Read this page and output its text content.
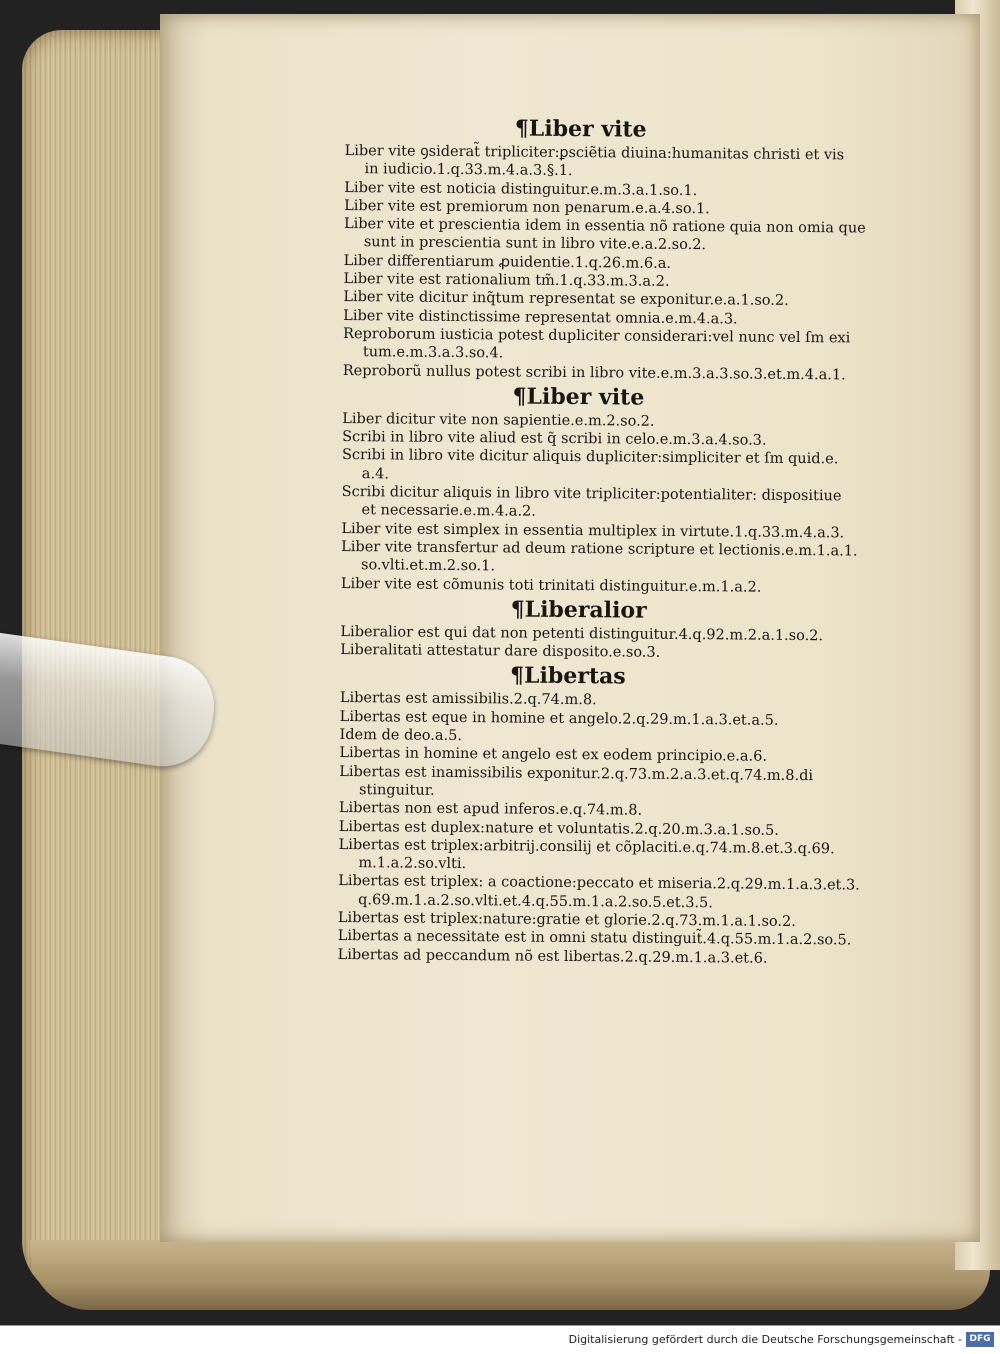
¶Liber vite
Liber vite ꝯsiderat̃ tripliciter:ꝑsciẽtia diuina:humanitas christi et vis
in iudicio.1.q.33.m.4.a.3.§.1.
Liber vite est noticia distinguitur.e.m.3.a.1.so.1.
Liber vite est premiorum non penarum.e.a.4.so.1.
Liber vite et prescientia idem in essentia nõ ratione quia non omia que
sunt in prescientia sunt in libro vite.e.a.2.so.2.
Liber differentiarum ꝓuidentie.1.q.26.m.6.a.
Liber vite est rationalium tm̃.1.q.33.m.3.a.2.
Liber vite dicitur inq̃tum representat se exponitur.e.a.1.so.2.
Liber vite distinctissime representat omnia.e.m.4.a.3.
Reproborum iusticia potest dupliciter considerari:vel nunc vel ſm exi
tum.e.m.3.a.3.so.4.
Reproborũ nullus potest scribi in libro vite.e.m.3.a.3.so.3.et.m.4.a.1.
¶Liber vite
Liber dicitur vite non sapientie.e.m.2.so.2.
Scribi in libro vite aliud est q̃ scribi in celo.e.m.3.a.4.so.3.
Scribi in libro vite dicitur aliquis dupliciter:simpliciter et ſm quid.e.
a.4.
Scribi dicitur aliquis in libro vite tripliciter:potentialiter: dispositiue
et necessarie.e.m.4.a.2.
Liber vite est simplex in essentia multiplex in virtute.1.q.33.m.4.a.3.
Liber vite transfertur ad deum ratione scripture et lectionis.e.m.1.a.1.
so.vlti.et.m.2.so.1.
Liber vite est cõmunis toti trinitati distinguitur.e.m.1.a.2.
¶Liberalior
Liberalior est qui dat non petenti distinguitur.4.q.92.m.2.a.1.so.2.
Liberalitati attestatur dare disposito.e.so.3.
¶Libertas
Libertas est amissibilis.2.q.74.m.8.
Libertas est eque in homine et angelo.2.q.29.m.1.a.3.et.a.5.
Idem de deo.a.5.
Libertas in homine et angelo est ex eodem principio.e.a.6.
Libertas est inamissibilis exponitur.2.q.73.m.2.a.3.et.q.74.m.8.di
stinguitur.
Libertas non est apud inferos.e.q.74.m.8.
Libertas est duplex:nature et voluntatis.2.q.20.m.3.a.1.so.5.
Libertas est triplex:arbitrij.consilij et cõplaciti.e.q.74.m.8.et.3.q.69.
m.1.a.2.so.vlti.
Libertas est triplex: a coactione:peccato et miseria.2.q.29.m.1.a.3.et.3.
q.69.m.1.a.2.so.vlti.et.4.q.55.m.1.a.2.so.5.et.3.5.
Libertas est triplex:nature:gratie et glorie.2.q.73.m.1.a.1.so.2.
Libertas a necessitate est in omni statu distinguit̃.4.q.55.m.1.a.2.so.5.
Libertas ad peccandum nõ est libertas.2.q.29.m.1.a.3.et.6.
Digitalisierung gefördert durch die Deutsche Forschungsgemeinschaft - DFG
